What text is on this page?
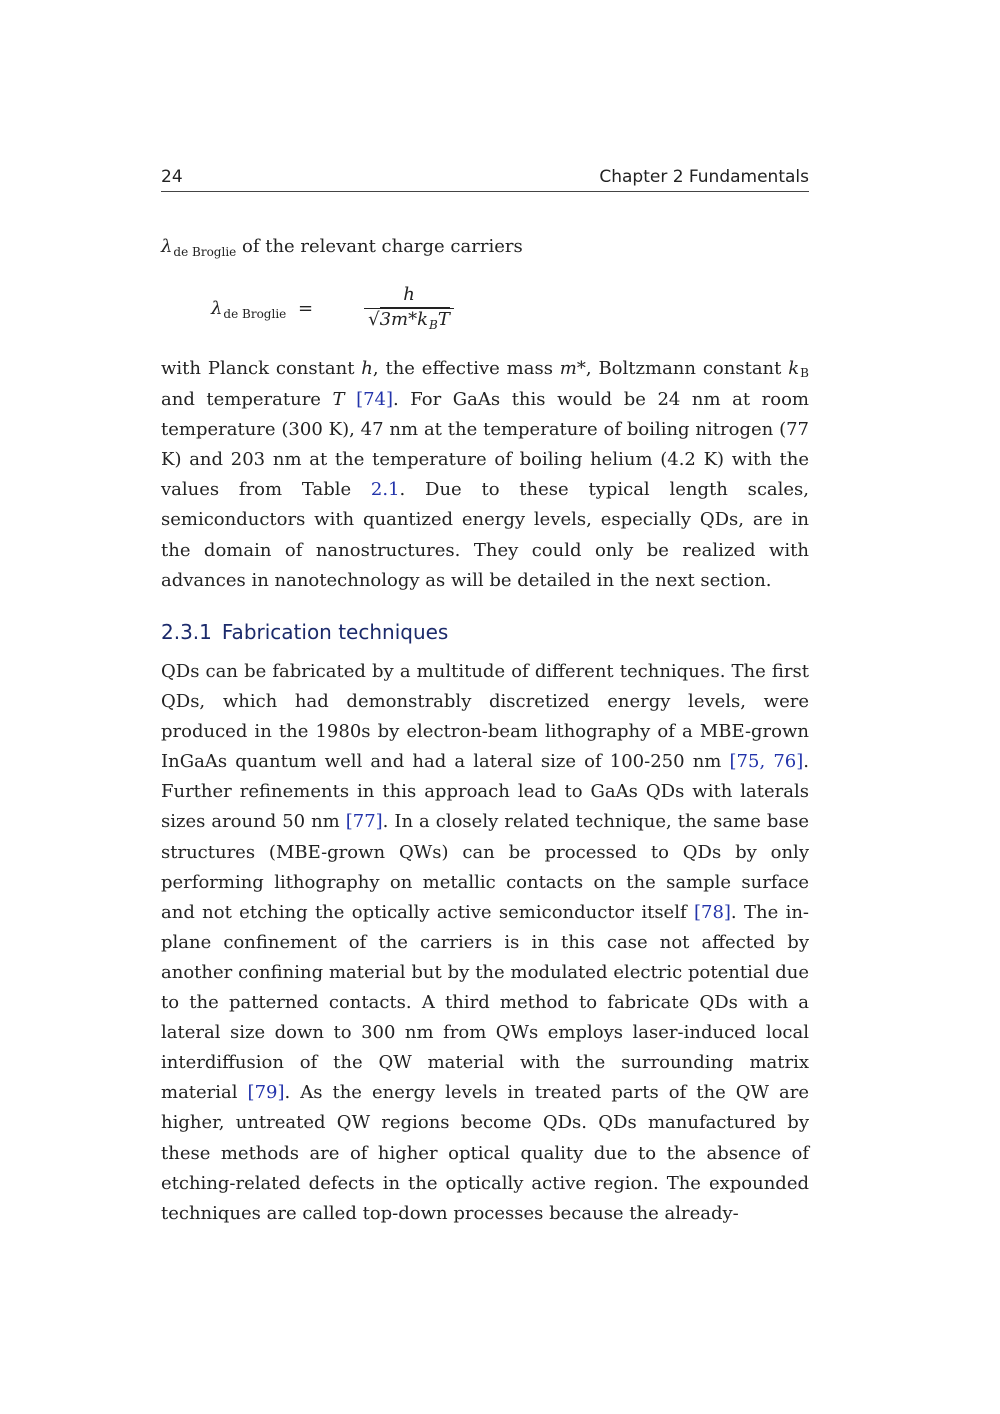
24	Chapter 2 Fundamentals
$\lambda_{de Broglie}$ of the relevant charge carriers
$\lambda_{de Broglie}$ =
h
$√3m*k_BT$

with Planck constant h, the effective mass m*, Boltzmann constant kB and temperature T [74]. For GaAs this would be 24 nm at room temperature (300 K), 47 nm at the temperature of boiling nitrogen (77 K) and 203 nm at the temperature of boiling helium (4.2 K) with the values from Table 2.1. Due to these typical length scales, semiconductors with quantized energy levels, especially QDs, are in the domain of nanostructures. They could only be realized with advances in nanotechnology as will be detailed in the next section.

2.3.1 Fabrication techniques

QDs can be fabricated by a multitude of different techniques. The first QDs, which had demonstrably discretized energy levels, were produced in the 1980s by electron-beam lithography of a MBE-grown InGaAs quantum well and had a lateral size of 100-250 nm [75, 76]. Further refinements in this approach lead to GaAs QDs with laterals sizes around 50 nm [77]. In a closely related technique, the same base structures (MBE-grown QWs) can be processed to QDs by only performing lithography on metallic contacts on the sample surface and not etching the optically active semiconductor itself [78]. The in-plane confinement of the carriers is in this case not affected by another confining material but by the modulated electric potential due to the patterned contacts. A third method to fabricate QDs with a lateral size down to 300 nm from QWs employs laser-induced local interdiffusion of the QW material with the surrounding matrix material [79]. As the energy levels in treated parts of the QW are higher, untreated QW regions become QDs. QDs manufactured by these methods are of higher optical quality due to the absence of etching-related defects in the optically active region. The expounded techniques are called top-down processes because the already-
